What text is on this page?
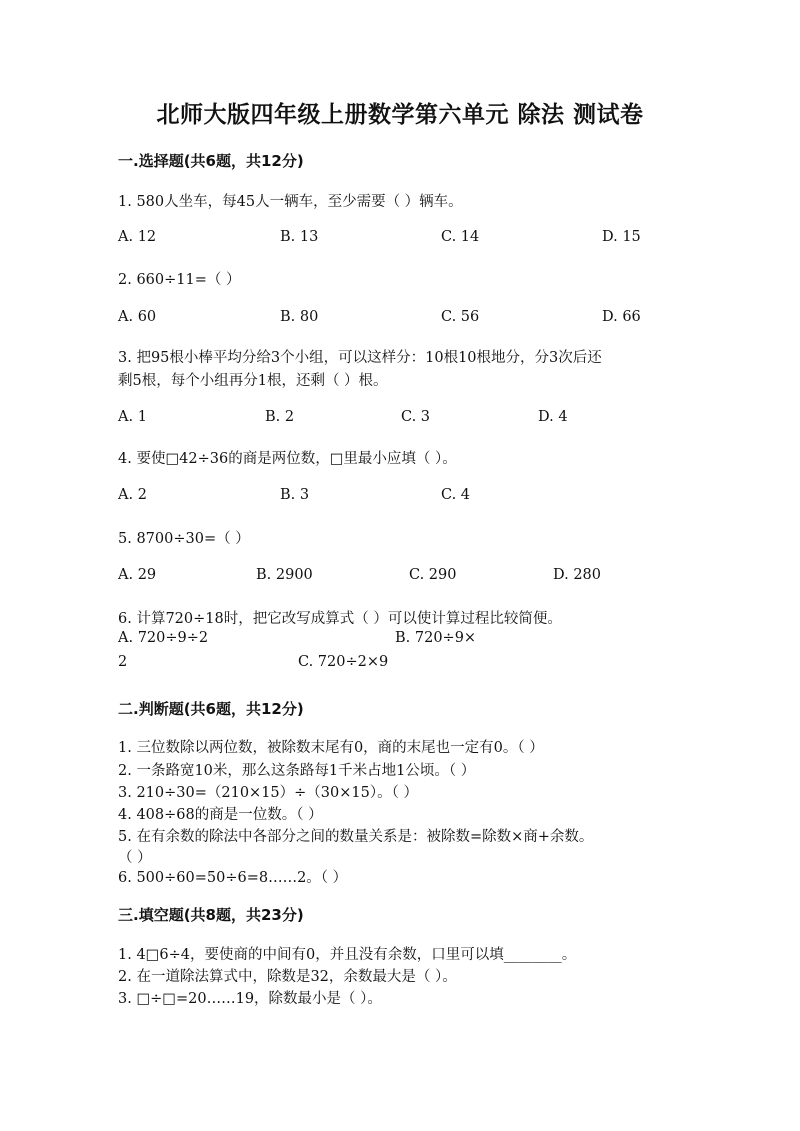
北师大版四年级上册数学第六单元 除法 测试卷
一.选择题(共6题，共12分)
1. 580人坐车，每45人一辆车，至少需要（ ）辆车。
A. 12	B. 13	C. 14	D. 15
2. 660÷11=（ ）
A. 60	B. 80	C. 56	D. 66
3. 把95根小棒平均分给3个小组，可以这样分：10根10根地分，分3次后还
剩5根，每个小组再分1根，还剩（ ）根。
A. 1	B. 2	C. 3	D. 4
4. 要使□42÷36的商是两位数，□里最小应填（ ）。
A. 2	B. 3	C. 4
5. 8700÷30=（ ）
A. 29	B. 2900	C. 290	D. 280
6. 计算720÷18时，把它改写成算式（ ）可以使计算过程比较简便。
A. 720÷9÷2	B. 720÷9×
2	C. 720÷2×9
二.判断题(共6题，共12分)
1. 三位数除以两位数，被除数末尾有0，商的末尾也一定有0。（ ）
2. 一条路宽10米，那么这条路每1千米占地1公顷。（ ）
3. 210÷30=（210×15）÷（30×15）。（ ）
4. 408÷68的商是一位数。（ ）
5. 在有余数的除法中各部分之间的数量关系是：被除数=除数×商+余数。
（ ）
6. 500÷60=50÷6=8……2。（ ）
三.填空题(共8题，共23分)
1. 4□6÷4，要使商的中间有0，并且没有余数，口里可以填________。
2. 在一道除法算式中，除数是32，余数最大是（ ）。
3. □÷□=20……19，除数最小是（ ）。
